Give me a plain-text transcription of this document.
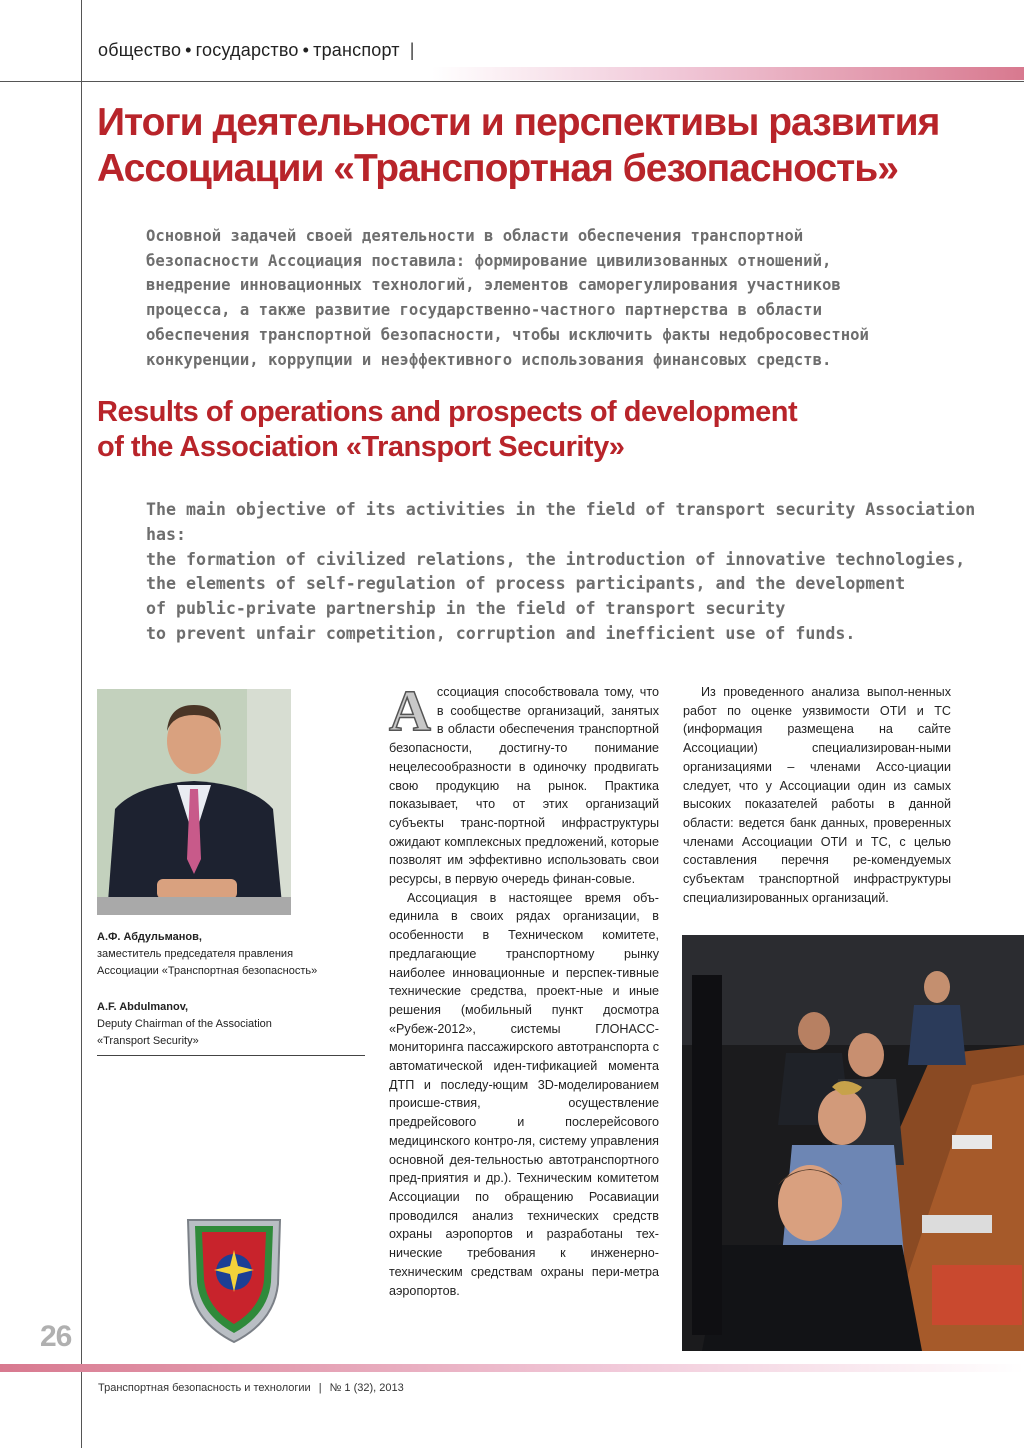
общество • государство • транспорт |
Итоги деятельности и перспективы развития Ассоциации «Транспортная безопасность»
Основной задачей своей деятельности в области обеспечения транспортной
безопасности Ассоциация поставила: формирование цивилизованных отношений,
внедрение инновационных технологий, элементов саморегулирования участников
процесса, а также развитие государственно-частного партнерства в области
обеспечения транспортной безопасности, чтобы исключить факты недобросовестной
конкуренции, коррупции и неэффективного использования финансовых средств.
Results of operations and prospects of development
of the Association «Transport Security»
The main objective of its activities in the field of transport security Association has:
the formation of civilized relations, the introduction of innovative technologies,
the elements of self-regulation of process participants, and the development
of public-private partnership in the field of transport security
to prevent unfair competition, corruption and inefficient use of funds.
А.Ф. Абдульманов,
заместитель председателя правления
Ассоциации «Транспортная безопасность»
A.F. Abdulmanov,
Deputy Chairman of the Association
«Transport Security»

Ассоциация способствовала тому, что в сообществе организаций, занятых в области обеспечения транспортной безопасности, достигну-то понимание нецелесообразности в одиночку продвигать свою продукцию на рынок. Практика показывает, что от этих организаций субъекты транс-портной инфраструктуры ожидают комплексных предложений, которые позволят им эффективно использовать свои ресурсы, в первую очередь финан-совые.

Ассоциация в настоящее время объ-единила в своих рядах организации, в особенности в Техническом комитете, предлагающие транспортному рынку наиболее инновационные и перспек-тивные технические средства, проект-ные и иные решения (мобильный пункт досмотра «Рубеж-2012», системы ГЛОНАСС-мониторинга пассажирского автотранспорта с автоматической иден-тификацией момента ДТП и последу-ющим 3D-моделированием происше-ствия, осуществление предрейсового и послерейсового медицинского контро-ля, систему управления основной дея-тельностью автотранспортного пред-приятия и др.). Техническим комитетом Ассоциации по обращению Росавиации проводился анализ технических средств охраны аэропортов и разработаны тех-нические требования к инженерно-техническим средствам охраны пери-метра аэропортов.

Из проведенного анализа выпол-ненных работ по оценке уязвимости ОТИ и ТС (информация размещена на сайте Ассоциации) специализирован-ными организациями – членами Ассо-циации следует, что у Ассоциации один из самых высоких показателей работы в данной области: ведется банк данных, проверенных членами Ассоциации ОТИ и ТС, с целью составления перечня ре-комендуемых субъектам транспортной инфраструктуры специализированных организаций.

26
Транспортная безопасность и технологии | № 1 (32), 2013
